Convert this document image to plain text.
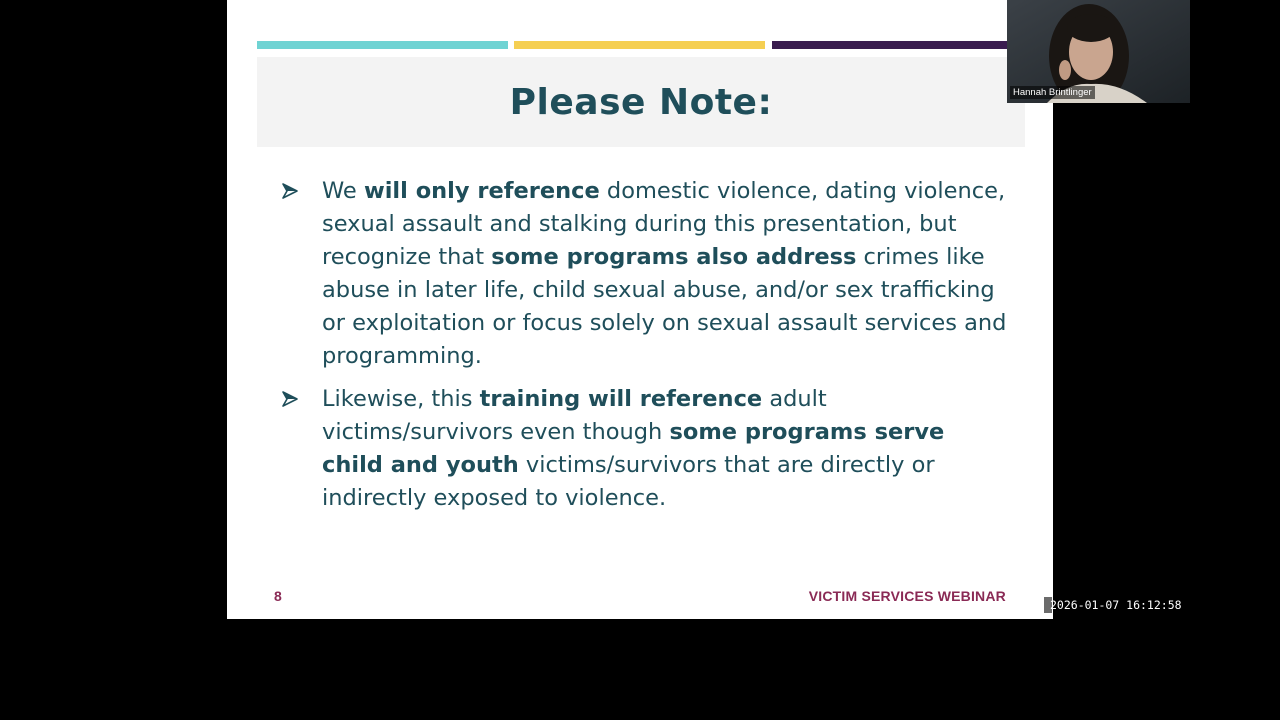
Please Note:
We will only reference domestic violence, dating violence, sexual assault and stalking during this presentation, but recognize that some programs also address crimes like abuse in later life, child sexual abuse, and/or sex trafficking or exploitation or focus solely on sexual assault services and programming.
Likewise, this training will reference adult victims/survivors even though some programs serve child and youth victims/survivors that are directly or indirectly exposed to violence.
8	VICTIM SERVICES WEBINAR
Hannah Brintlinger
2026-01-07 16:12:58
